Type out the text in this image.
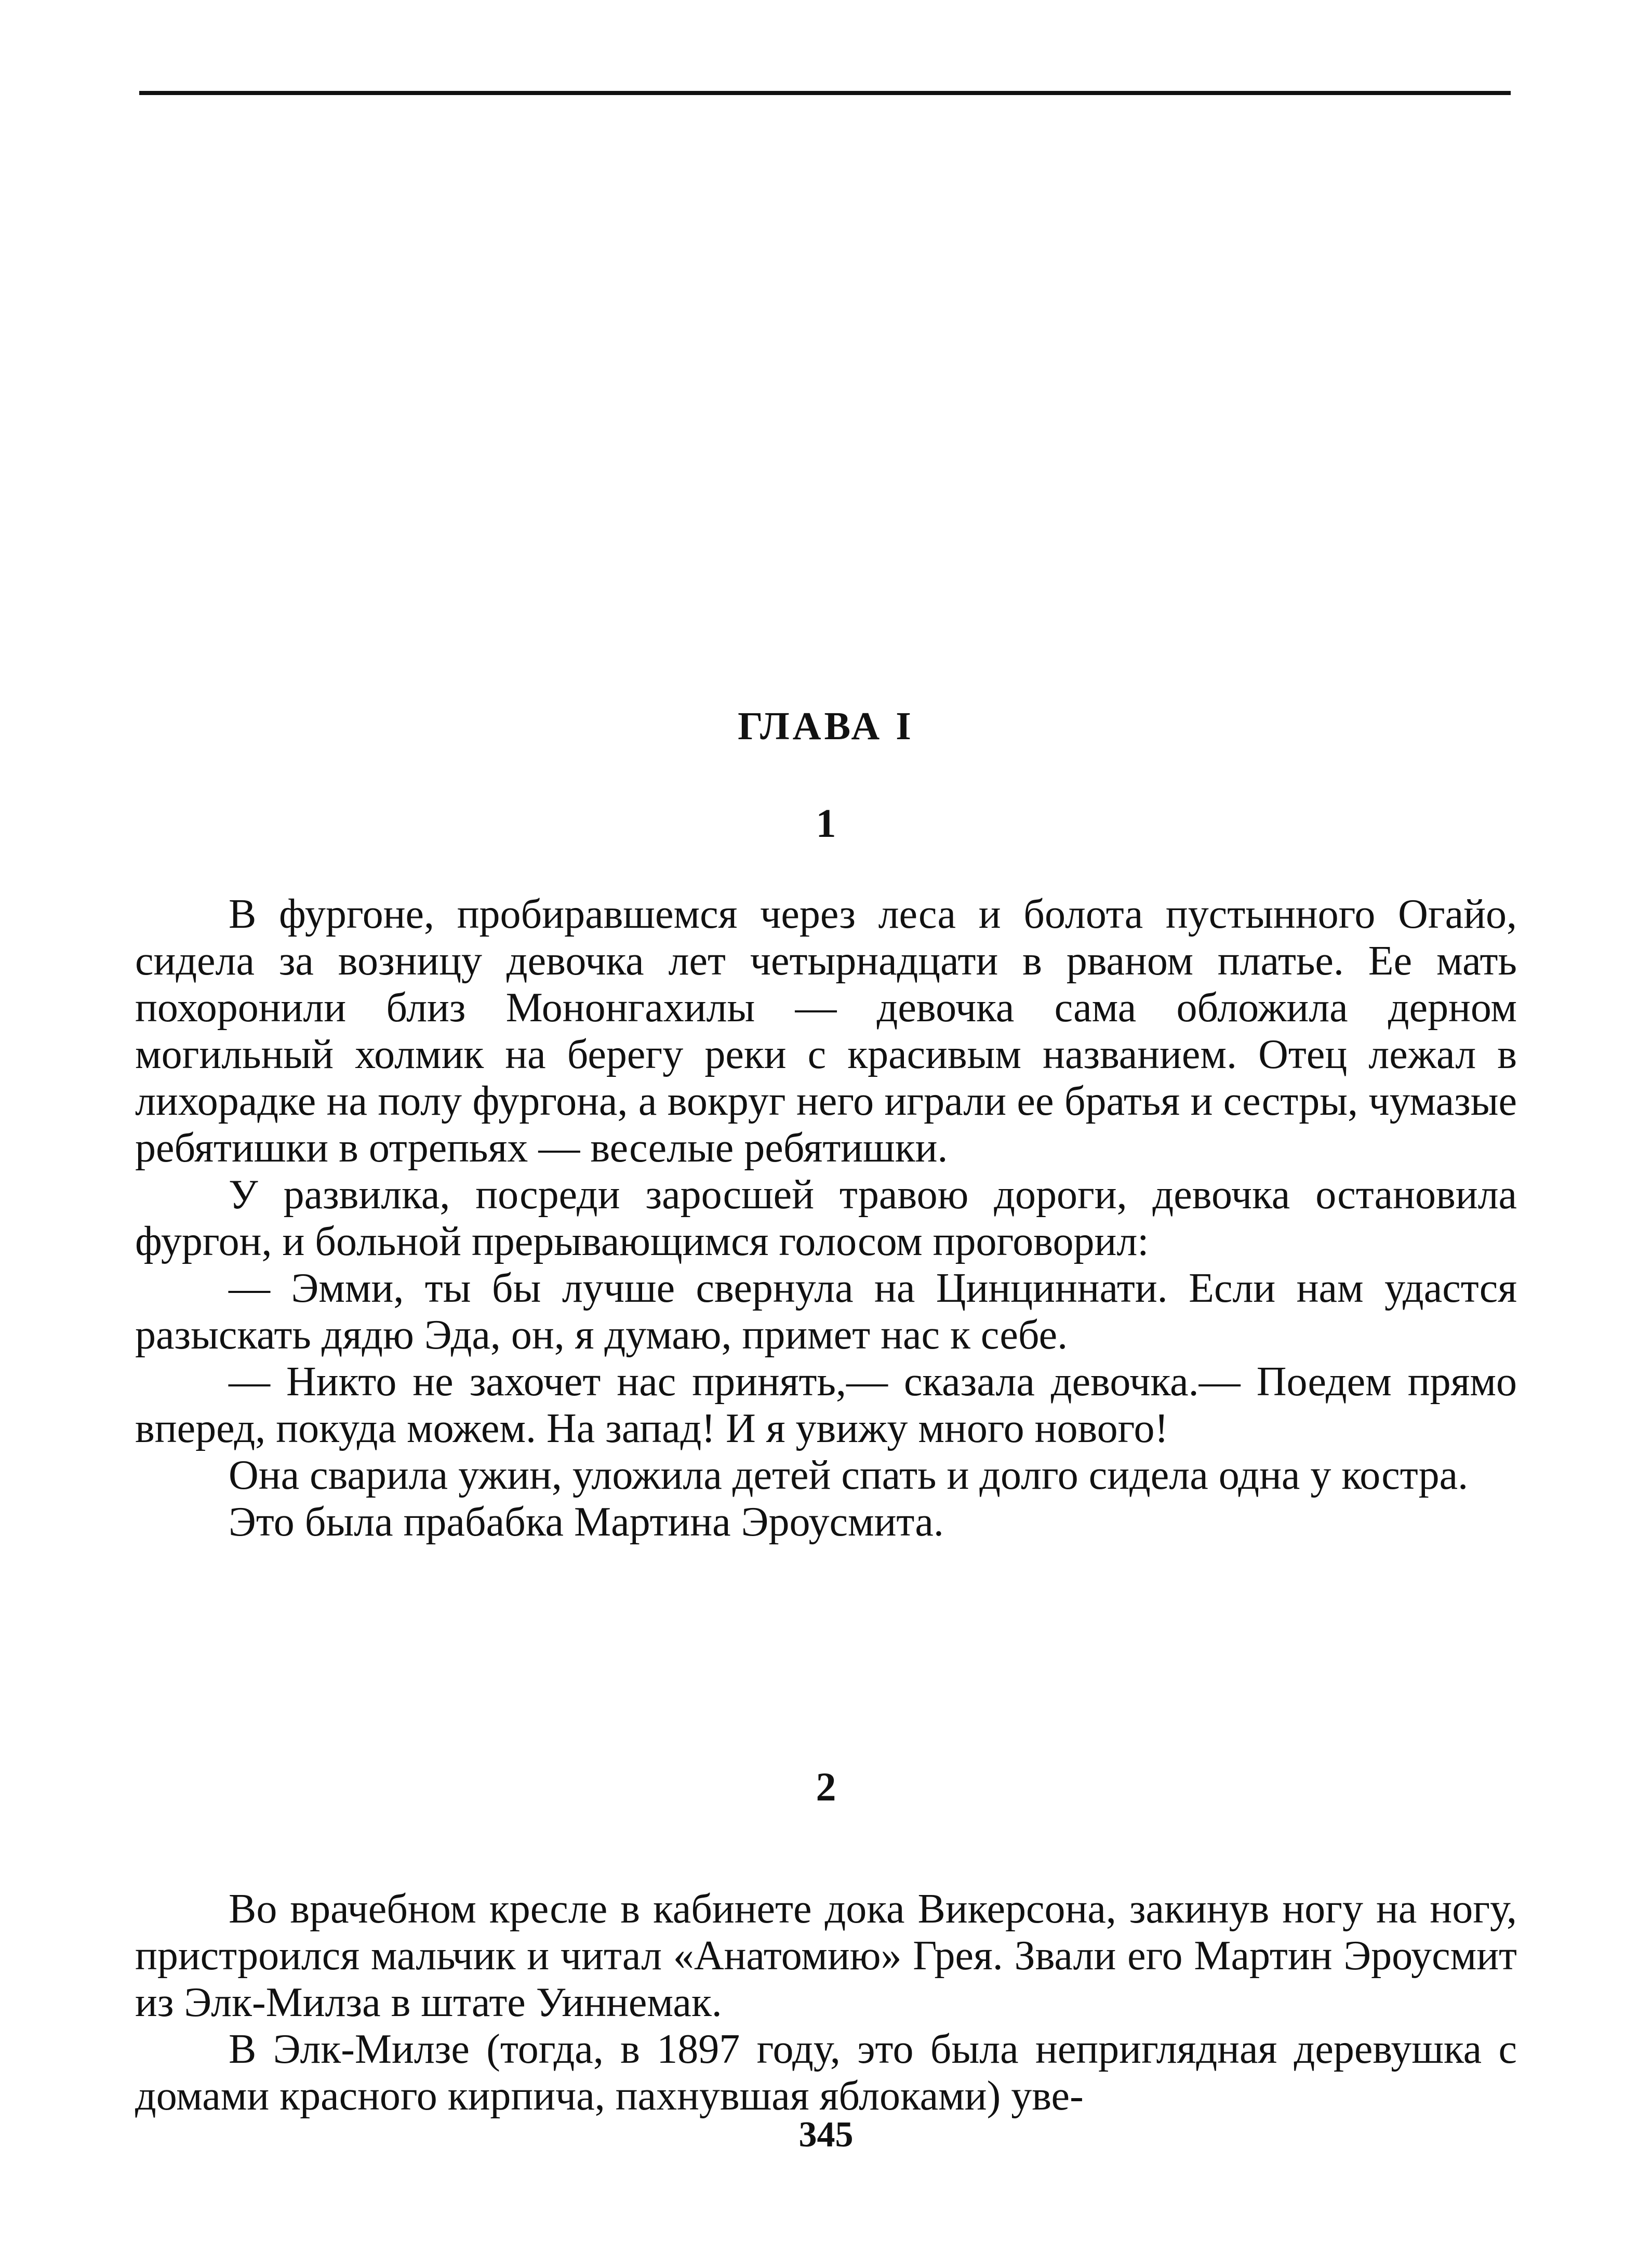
ГЛАВА I
1

В фургоне, пробиравшемся через леса и болота пустынного Огайо, сидела за возницу девочка лет четырнадцати в рваном платье. Ее мать похоронили близ Мононгахилы — девочка сама обложила дерном могильный холмик на берегу реки с красивым названием. Отец лежал в лихорадке на полу фургона, а вокруг него играли ее братья и сестры, чумазые ребятишки в отрепьях — веселые ребятишки.

У развилка, посреди заросшей травою дороги, девочка остановила фургон, и больной прерывающимся голосом проговорил:

— Эмми, ты бы лучше свернула на Цинциннати. Если нам удастся разыскать дядю Эда, он, я думаю, примет нас к себе.

— Никто не захочет нас принять,— сказала девочка.— Поедем прямо вперед, покуда можем. На запад! И я увижу много нового!

Она сварила ужин, уложила детей спать и долго сидела одна у костра.

Это была прабабка Мартина Эроусмита.

2

Во врачебном кресле в кабинете дока Викерсона, закинув ногу на ногу, пристроился мальчик и читал «Анатомию» Грея. Звали его Мартин Эроусмит из Элк-Милза в штате Уиннемак.

В Элк-Милзе (тогда, в 1897 году, это была неприглядная деревушка с домами красного кирпича, пахнувшая яблоками) уве-

345
